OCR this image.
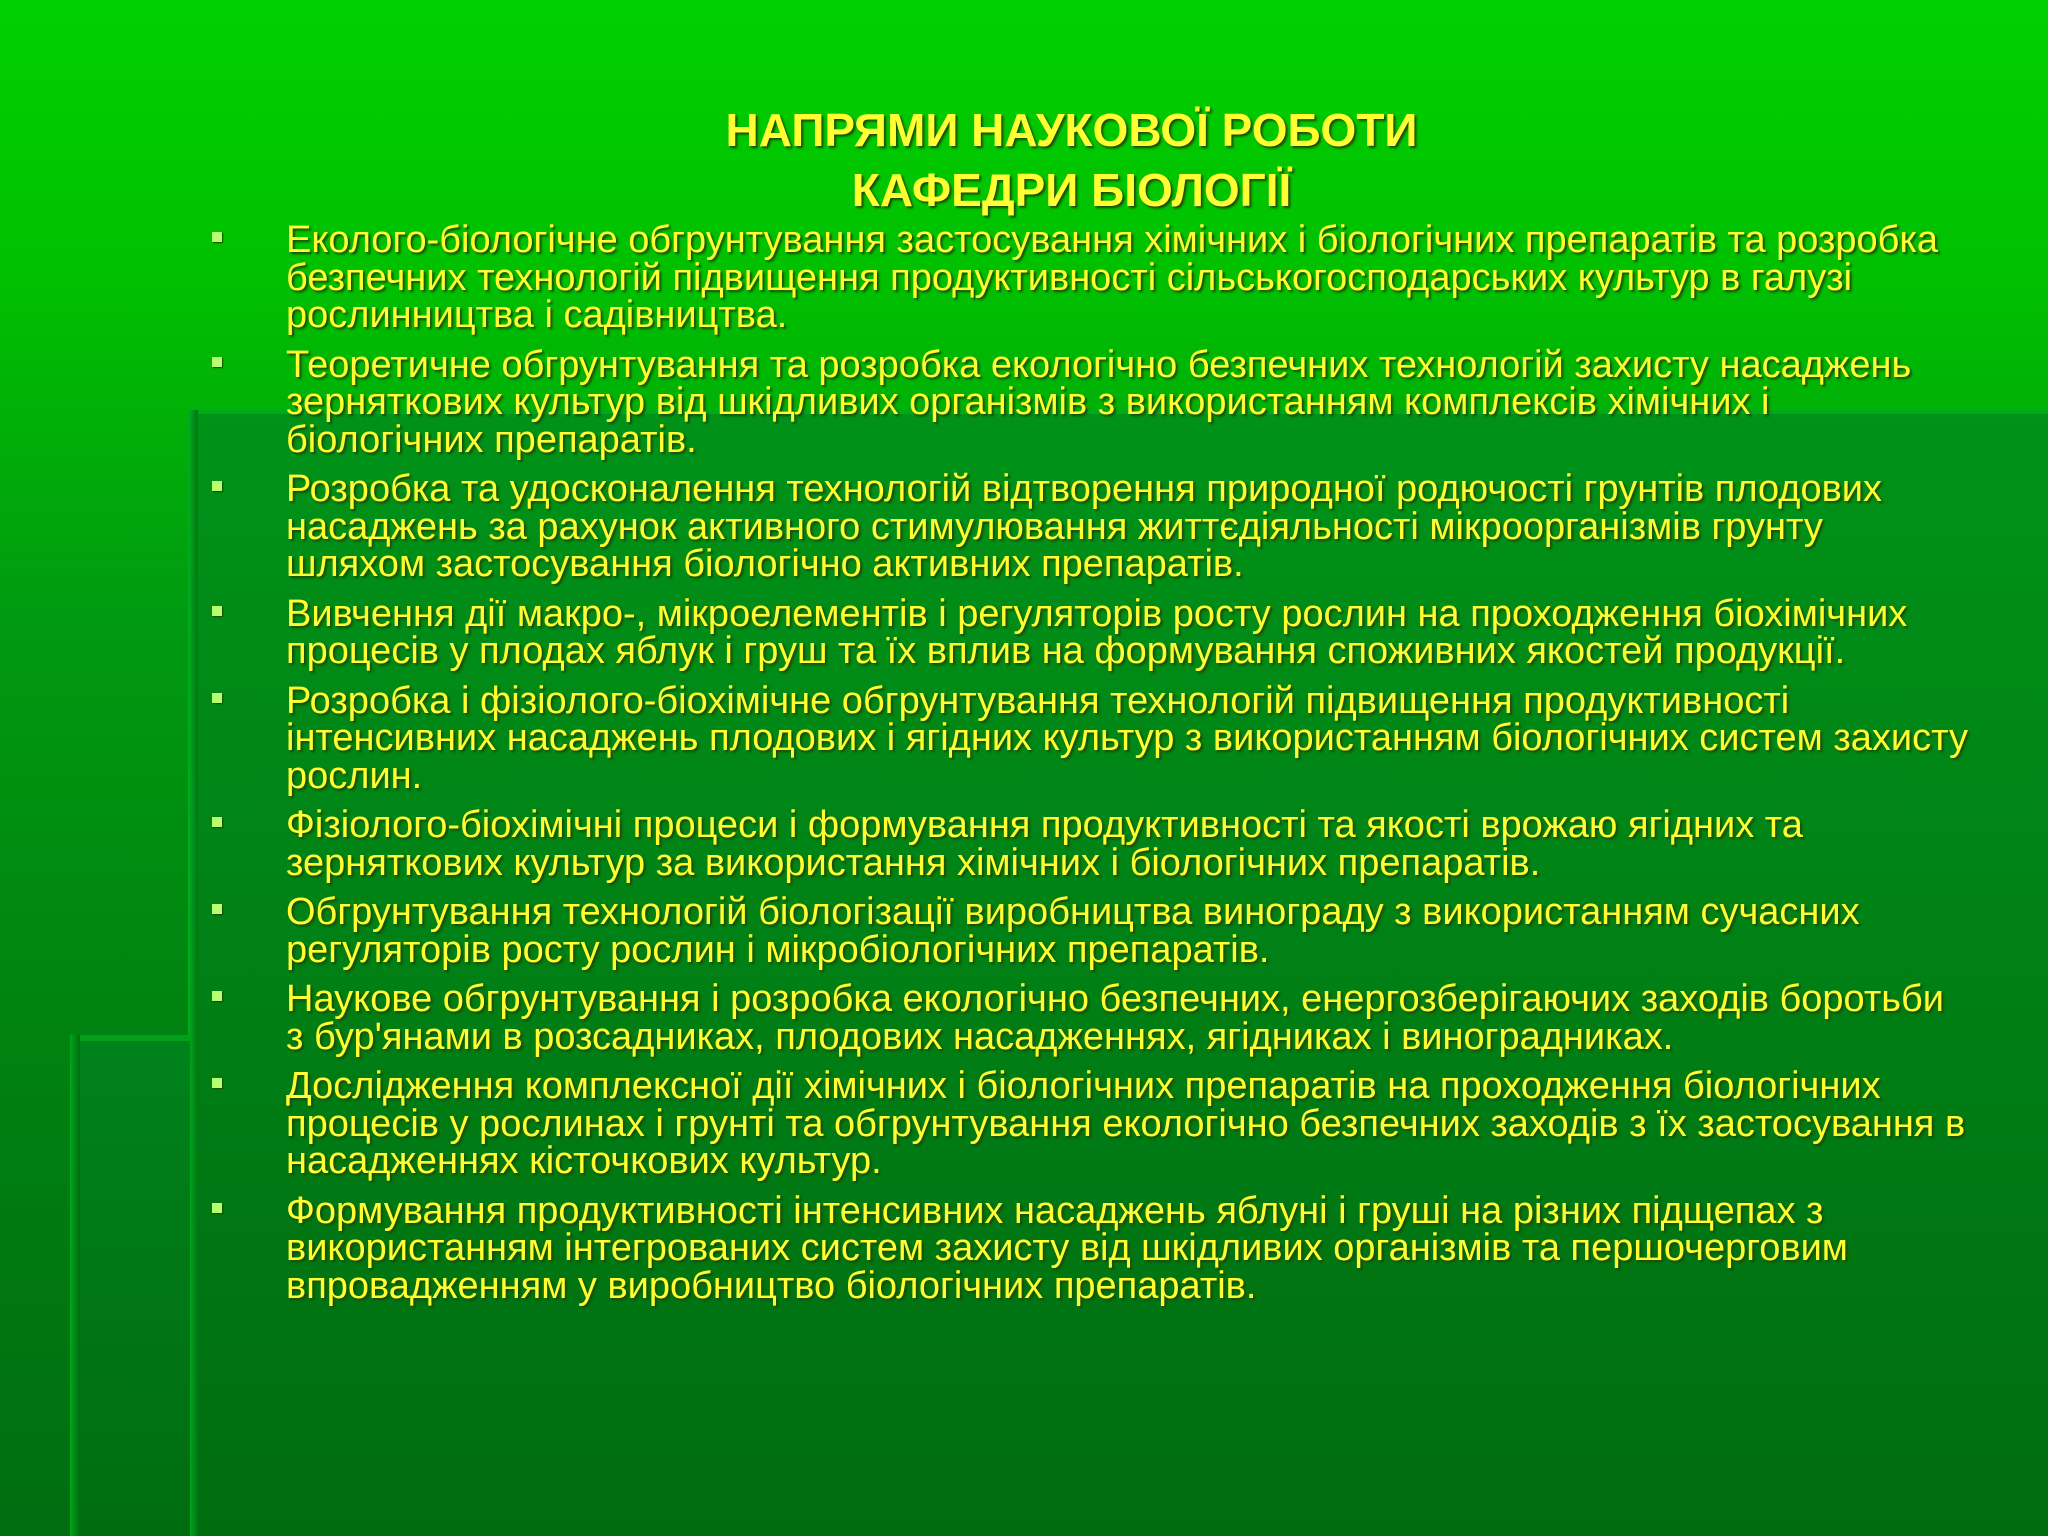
НАПРЯМИ НАУКОВОЇ РОБОТИ
КАФЕДРИ БІОЛОГІЇ
Еколого-біологічне обгрунтування застосування хімічних і біологічних препаратів та розробка безпечних технологій підвищення продуктивності сільськогосподарських культур в галузі рослинництва і садівництва.
Теоретичне обгрунтування та розробка екологічно безпечних технологій захисту насаджень зерняткових культур від шкідливих організмів з використанням комплексів хімічних і біологічних препаратів.
Розробка та удосконалення технологій відтворення природної родючості грунтів плодових насаджень за рахунок активного стимулювання життєдіяльності мікроорганізмів грунту шляхом застосування біологічно активних препаратів.
Вивчення дії макро-, мікроелементів і регуляторів росту рослин на проходження біохімічних процесів у плодах яблук і груш та їх вплив на формування споживних якостей продукції.
Розробка і фізіолого-біохімічне обгрунтування технологій підвищення продуктивності інтенсивних насаджень плодових і ягідних культур з використанням біологічних систем захисту рослин.
Фізіолого-біохімічні процеси і формування продуктивності та якості врожаю ягідних та зерняткових культур за використання хімічних і біологічних препаратів.
Обгрунтування технологій біологізації виробництва винограду з використанням сучасних регуляторів росту рослин і мікробіологічних препаратів.
Наукове обгрунтування і розробка екологічно безпечних, енергозберігаючих заходів боротьби з бур'янами в розсадниках, плодових насадженнях, ягідниках і виноградниках.
Дослідження комплексної дії хімічних і біологічних препаратів на проходження біологічних процесів у рослинах і грунті та обгрунтування екологічно безпечних заходів з їх застосування в насадженнях кісточкових культур.
Формування продуктивності інтенсивних насаджень яблуні і груші на різних підщепах з використанням інтегрованих систем захисту від шкідливих організмів та першочерговим впровадженням у виробництво біологічних препаратів.
